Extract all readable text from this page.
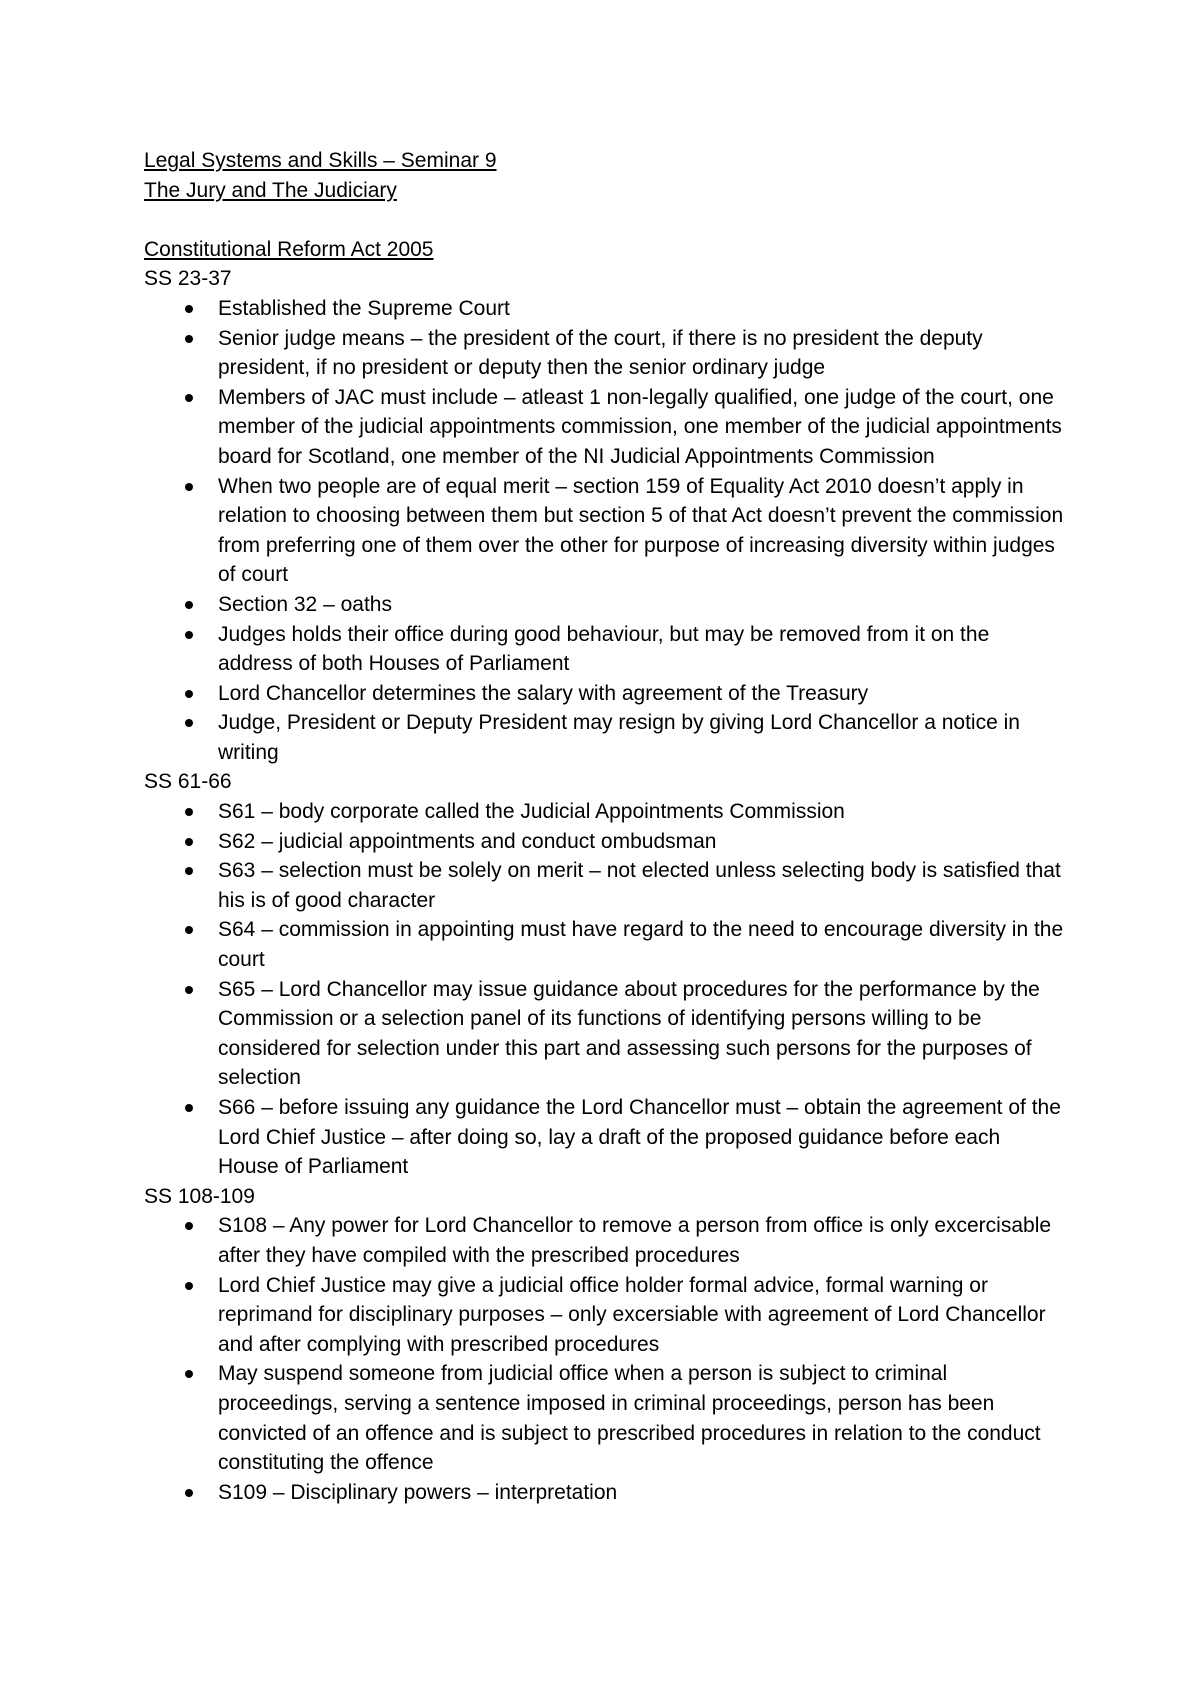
Legal Systems and Skills – Seminar 9
The Jury and The Judiciary

Constitutional Reform Act 2005

SS 23-37

Established the Supreme Court
Senior judge means – the president of the court, if there is no president the deputy president, if no president or deputy then the senior ordinary judge
Members of JAC must include – atleast 1 non-legally qualified, one judge of the court, one member of the judicial appointments commission, one member of the judicial appointments board for Scotland, one member of the NI Judicial Appointments Commission
When two people are of equal merit – section 159 of Equality Act 2010 doesn’t apply in relation to choosing between them but section 5 of that Act doesn’t prevent the commission from preferring one of them over the other for purpose of increasing diversity within judges of court
Section 32 – oaths
Judges holds their office during good behaviour, but may be removed from it on the address of both Houses of Parliament
Lord Chancellor determines the salary with agreement of the Treasury
Judge, President or Deputy President may resign by giving Lord Chancellor a notice in writing

SS 61-66

S61 – body corporate called the Judicial Appointments Commission
S62 – judicial appointments and conduct ombudsman
S63 – selection must be solely on merit – not elected unless selecting body is satisfied that his is of good character
S64 – commission in appointing must have regard to the need to encourage diversity in the court
S65 – Lord Chancellor may issue guidance about procedures for the performance by the Commission or a selection panel of its functions of identifying persons willing to be considered for selection under this part and assessing such persons for the purposes of selection
S66 – before issuing any guidance the Lord Chancellor must – obtain the agreement of the Lord Chief Justice – after doing so, lay a draft of the proposed guidance before each House of Parliament

SS 108-109

S108 – Any power for Lord Chancellor to remove a person from office is only excercisable after they have compiled with the prescribed procedures
Lord Chief Justice may give a judicial office holder formal advice, formal warning or reprimand for disciplinary purposes – only excersiable with agreement of Lord Chancellor and after complying with prescribed procedures
May suspend someone from judicial office when a person is subject to criminal proceedings, serving a sentence imposed in criminal proceedings, person has been convicted of an offence and is subject to prescribed procedures in relation to the conduct constituting the offence
S109 – Disciplinary powers – interpretation
